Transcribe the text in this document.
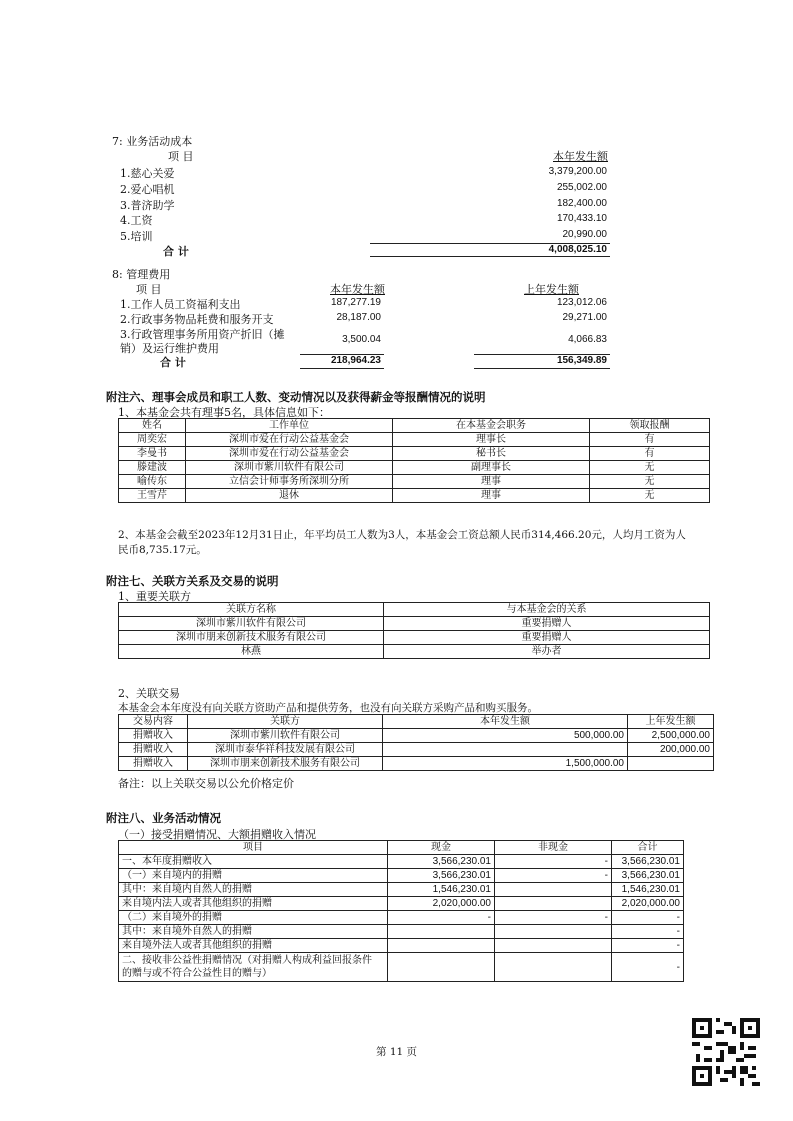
7: 业务活动成本
项 目	本年发生额
1.慈心关爱	3,379,200.00
2.爱心唱机	255,002.00
3.普济助学	182,400.00
4.工资	170,433.10
5.培训	20,990.00
合 计	4,008,025.10
8: 管理费用
项 目	本年发生额	上年发生额
1.工作人员工资福利支出	187,277.19	123,012.06
2.行政事务物品耗费和服务开支	28,187.00	29,271.00
3.行政管理事务所用资产折旧（摊
销）及运行维护费用
3,500.04	4,066.83
合 计	218,964.23	156,349.89
附注六、理事会成员和职工人数、变动情况以及获得薪金等报酬情况的说明
1、本基金会共有理事5名，具体信息如下：
姓名	工作单位	在本基金会职务	领取报酬
周奕宏	深圳市爱在行动公益基金会	理事长	有
李曼书	深圳市爱在行动公益基金会	秘书长	有
滕建波	深圳市紫川软件有限公司	副理事长	无
喻传东	立信会计师事务所深圳分所	理事	无
王雪芹	退休	理事	无
2、本基金会截至2023年12月31日止，年平均员工人数为3人，本基金会工资总额人民币314,466.20元，人均月工资为人
民币8,735.17元。
附注七、关联方关系及交易的说明
1、重要关联方
关联方名称	与本基金会的关系
深圳市紫川软件有限公司	重要捐赠人
深圳市朋来创新技术服务有限公司	重要捐赠人
林燕	举办者
2、关联交易
本基金会本年度没有向关联方资助产品和提供劳务，也没有向关联方采购产品和购买服务。
交易内容	关联方	本年发生额	上年发生额
捐赠收入	深圳市紫川软件有限公司	500,000.00	2,500,000.00
捐赠收入	深圳市泰华祥科技发展有限公司		200,000.00
捐赠收入	深圳市朋来创新技术服务有限公司	1,500,000.00	
备注：以上关联交易以公允价格定价
附注八、业务活动情况
（一）接受捐赠情况、大额捐赠收入情况
项目	现金	非现金	合计
一、本年度捐赠收入	3,566,230.01	-	3,566,230.01
（一）来自境内的捐赠	3,566,230.01	-	3,566,230.01
其中：来自境内自然人的捐赠	1,546,230.01		1,546,230.01
来自境内法人或者其他组织的捐赠	2,020,000.00		2,020,000.00
（二）来自境外的捐赠	-	-	-
其中：来自境外自然人的捐赠			-
来自境外法人或者其他组织的捐赠			-
二、接收非公益性捐赠情况（对捐赠人构成利益回报条件
的赠与或不符合公益性目的赠与）			-
第 11 页
